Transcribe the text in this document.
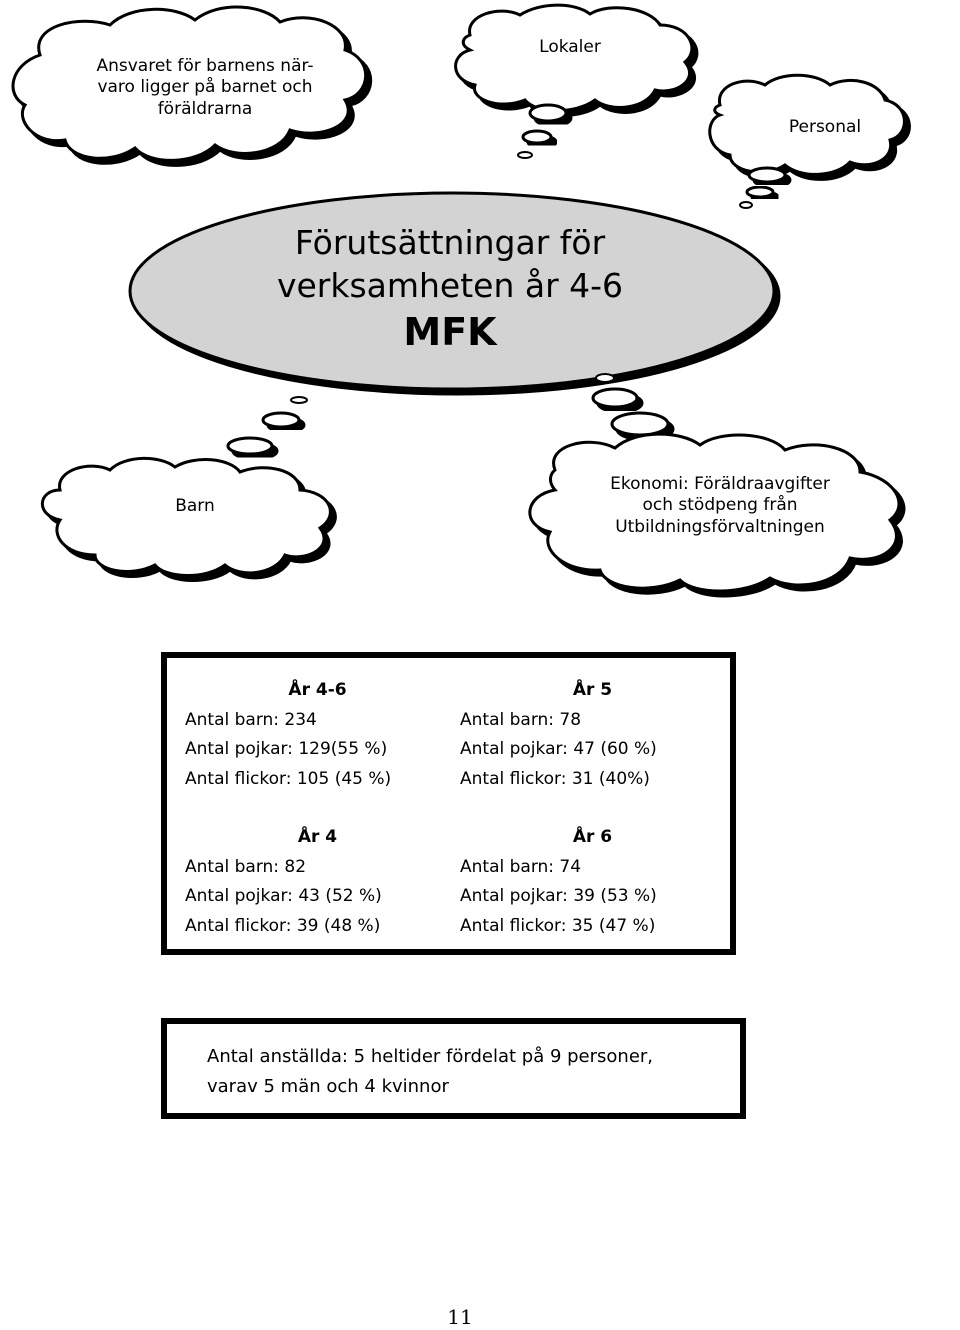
Ansvaret för barnens när-
varo ligger på barnet och
föräldrarna
Lokaler
Personal
Förutsättningar för
verksamheten år 4-6
MFK
Barn
Ekonomi: Föräldraavgifter
och stödpeng från
Utbildningsförvaltningen
År 4-6
Antal barn: 234
Antal pojkar: 129(55 %)
Antal flickor: 105 (45 %)
År 5
Antal barn: 78
Antal pojkar: 47 (60 %)
Antal flickor: 31 (40%)
År 4
Antal barn: 82
Antal pojkar: 43 (52 %)
Antal flickor: 39 (48 %)
År 6
Antal barn: 74
Antal pojkar: 39 (53 %)
Antal flickor: 35 (47 %)
Antal anställda: 5 heltider fördelat på 9 personer,
varav 5 män och 4 kvinnor
11
